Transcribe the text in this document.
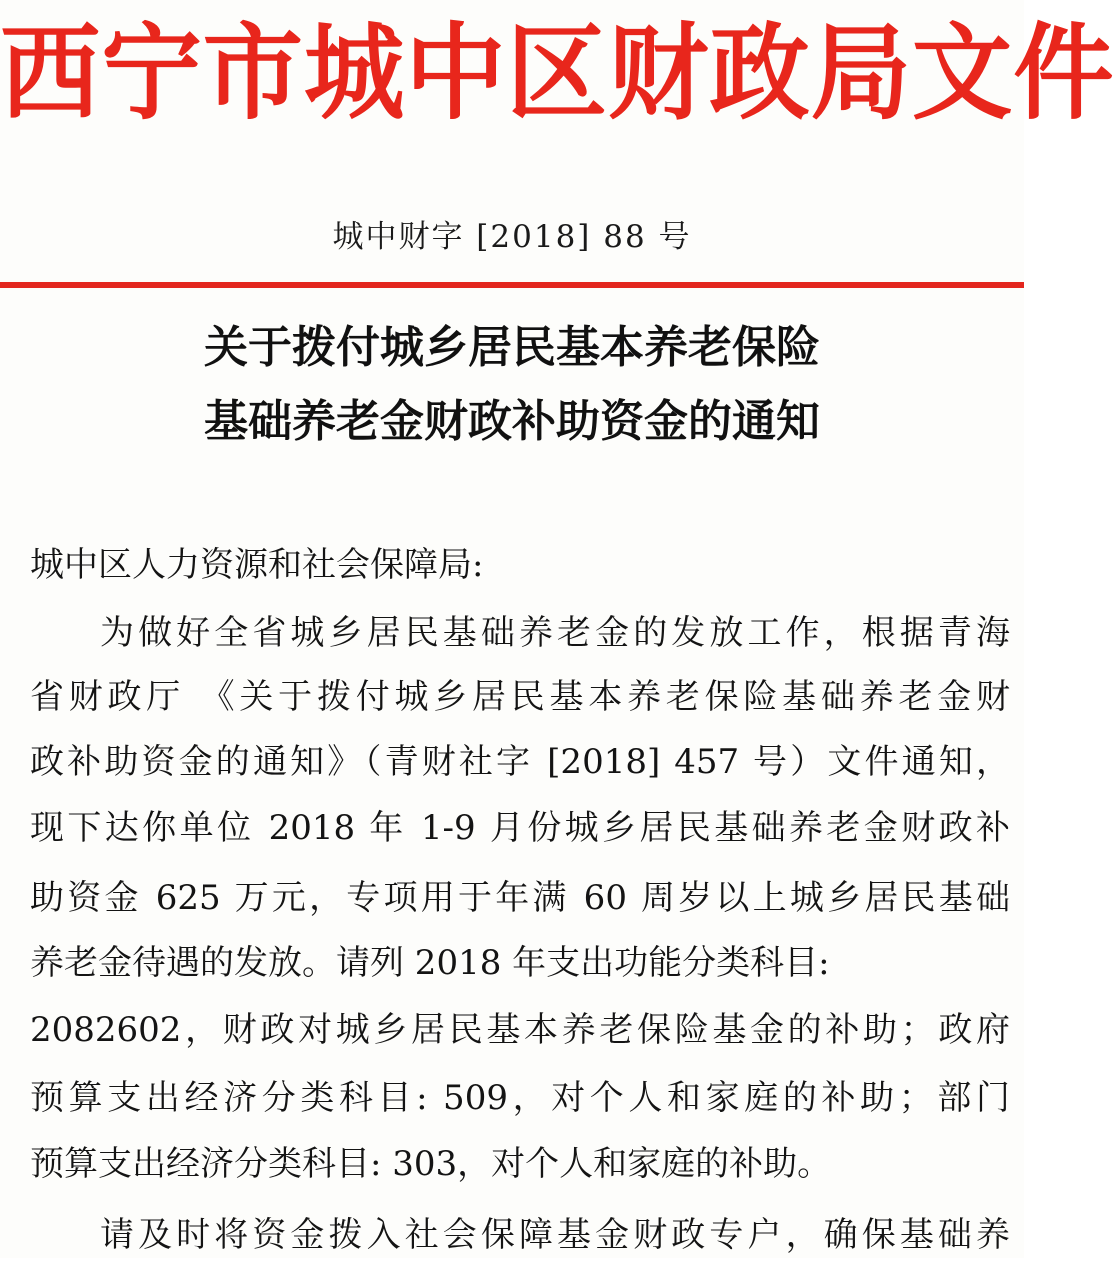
西宁市城中区财政局文件
城中财字 [2018] 88 号
关于拨付城乡居民基本养老保险
基础养老金财政补助资金的通知
城中区人力资源和社会保障局:
为做好全省城乡居民基础养老金的发放工作，根据青海
省财政厅 《关于拨付城乡居民基本养老保险基础养老金财
政补助资金的通知》（青财社字 [2018] 457 号）文件通知，
现下达你单位 2018 年 1-9 月份城乡居民基础养老金财政补
助资金 625 万元，专项用于年满 60 周岁以上城乡居民基础
养老金待遇的发放。请列 2018 年支出功能分类科目:
2082602，财政对城乡居民基本养老保险基金的补助；政府
预算支出经济分类科目: 509，对个人和家庭的补助；部门
预算支出经济分类科目: 303，对个人和家庭的补助。
请及时将资金拨入社会保障基金财政专户，确保基础养
